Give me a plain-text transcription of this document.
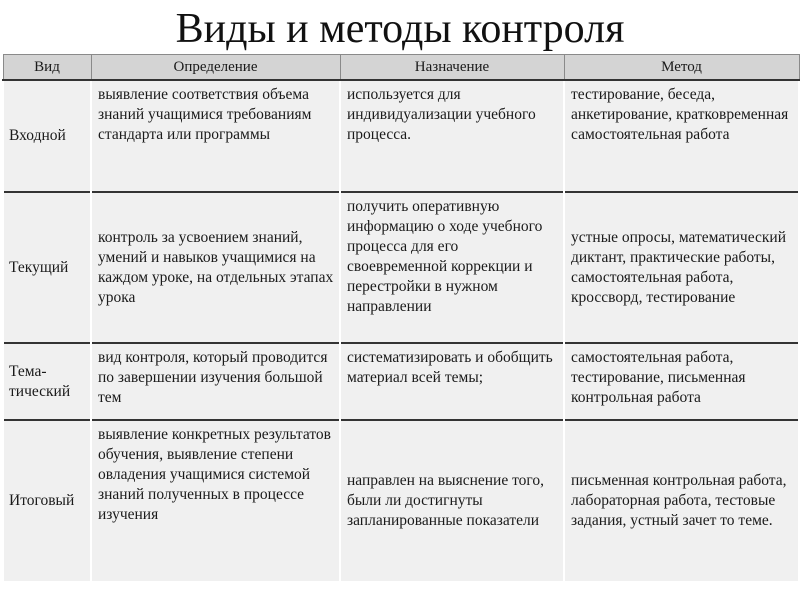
Виды и методы контроля
Вид	Определение	Назначение	Метод
Входной	выявление соответствия объема знаний учащимися требованиям стандарта или программы	используется для индивидуализации учебного процесса.	тестирование, беседа, анкетирование, кратковременная самостоятельная работа
Текущий	контроль за усвоением знаний, умений и навыков учащимися на каждом уроке, на отдельных этапах урока	получить оперативную информацию о ходе учебного процесса для его своевременной коррекции и перестройки в нужном направлении	устные опросы, математический диктант, практические работы, самостоятельная работа, кроссворд, тестирование
Тема-тический	вид контроля, который проводится по завершении изучения большой тем	систематизировать и обобщить материал всей темы;	самостоятельная работа, тестирование, письменная контрольная работа
Итоговый	выявление конкретных результатов обучения, выявление степени овладения учащимися системой знаний полученных в процессе изучения	направлен на выяснение того, были ли достигнуты запланированные показатели	письменная контрольная работа, лабораторная работа, тестовые задания, устный зачет то теме.
